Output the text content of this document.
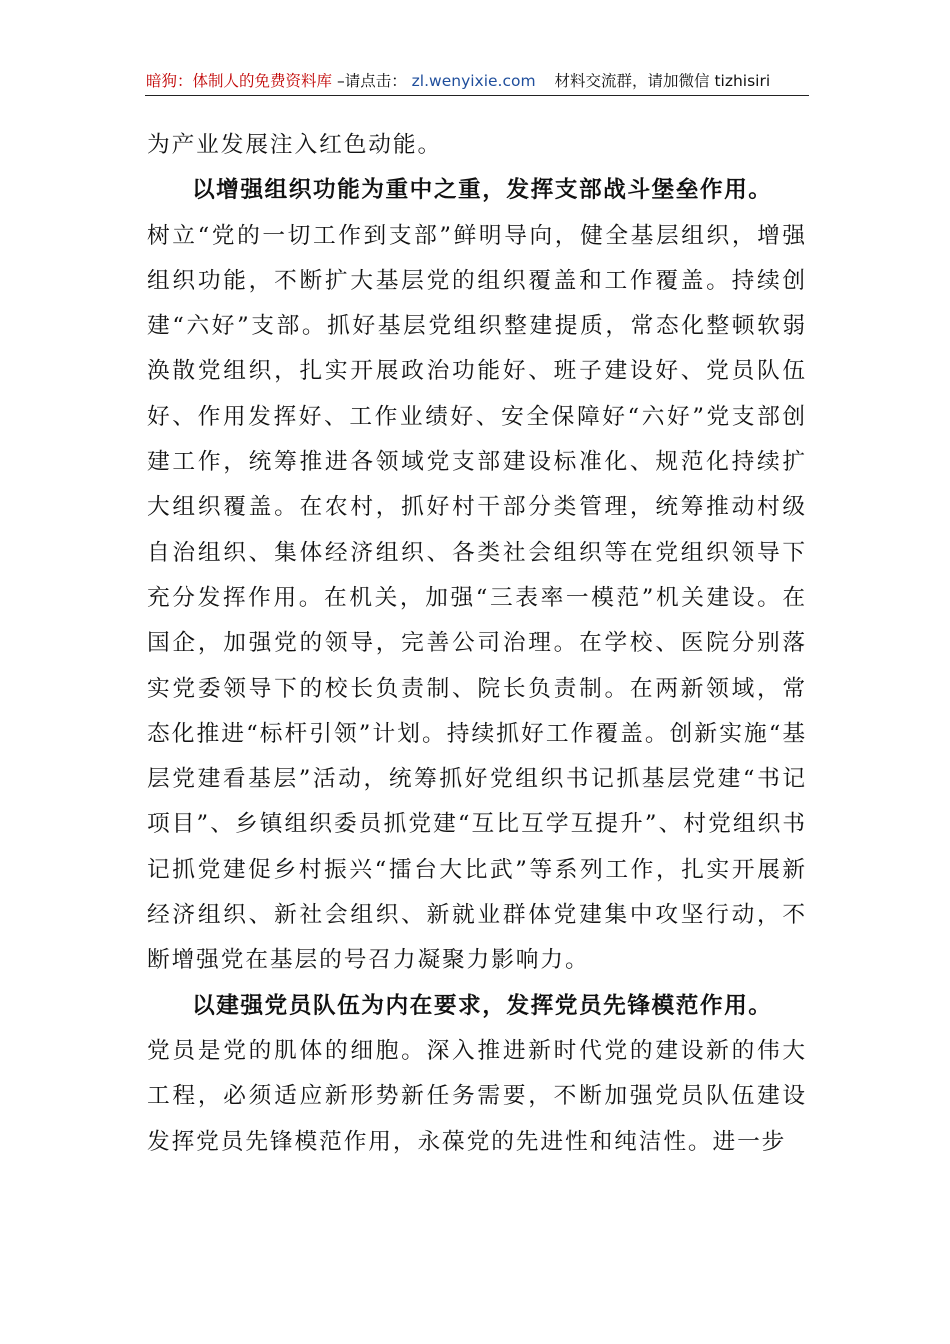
暗狗：体制人的免费资料库 –请点击： zl.wenyixie.com 材料交流群，请加微信 tizhisiri

为产业发展注入红色动能。

以增强组织功能为重中之重，发挥支部战斗堡垒作用。

树立“党的一切工作到支部”鲜明导向，健全基层组织，增强组织功能，不断扩大基层党的组织覆盖和工作覆盖。持续创建“六好”支部。抓好基层党组织整建提质，常态化整顿软弱涣散党组织，扎实开展政治功能好、班子建设好、党员队伍好、作用发挥好、工作业绩好、安全保障好“六好”党支部创建工作，统筹推进各领域党支部建设标准化、规范化持续扩大组织覆盖。在农村，抓好村干部分类管理，统筹推动村级自治组织、集体经济组织、各类社会组织等在党组织领导下充分发挥作用。在机关，加强“三表率一模范”机关建设。在国企，加强党的领导，完善公司治理。在学校、医院分别落实党委领导下的校长负责制、院长负责制。在两新领域，常态化推进“标杆引领”计划。持续抓好工作覆盖。创新实施“基层党建看基层”活动，统筹抓好党组织书记抓基层党建“书记项目”、乡镇组织委员抓党建“互比互学互提升”、村党组织书记抓党建促乡村振兴“擂台大比武”等系列工作，扎实开展新经济组织、新社会组织、新就业群体党建集中攻坚行动，不断增强党在基层的号召力凝聚力影响力。

以建强党员队伍为内在要求，发挥党员先锋模范作用。

党员是党的肌体的细胞。深入推进新时代党的建设新的伟大工程，必须适应新形势新任务需要，不断加强党员队伍建设发挥党员先锋模范作用，永葆党的先进性和纯洁性。进一步
